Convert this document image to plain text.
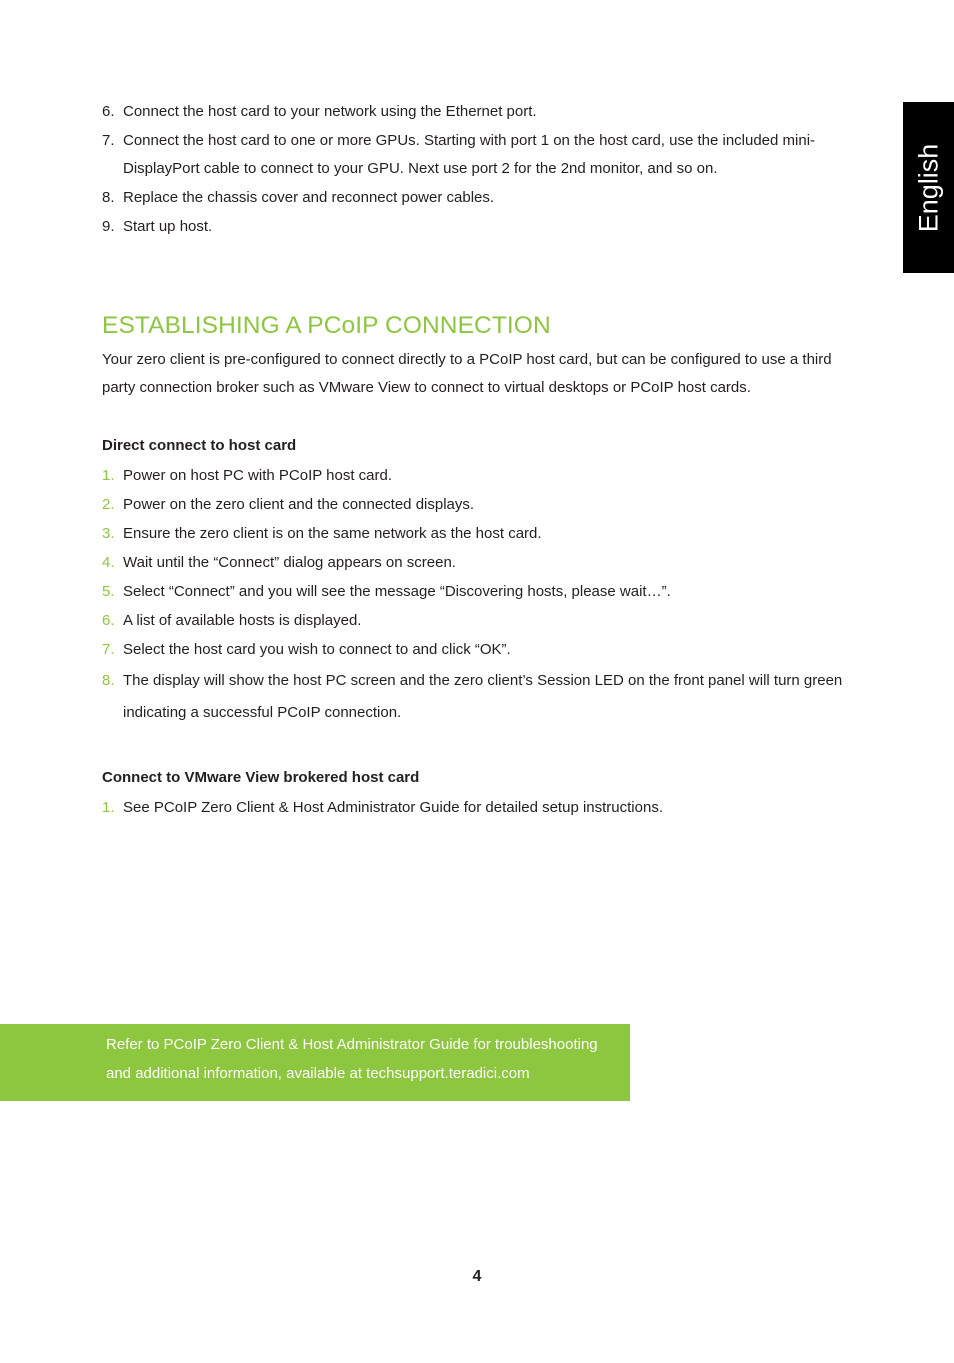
English
6. Connect the host card to your network using the Ethernet port.
7. Connect the host card to one or more GPUs. Starting with port 1 on the host card, use the included mini-DisplayPort cable to connect to your GPU. Next use port 2 for the 2nd monitor, and so on.
8. Replace the chassis cover and reconnect power cables.
9. Start up host.
ESTABLISHING A PCoIP CONNECTION

Your zero client is pre-configured to connect directly to a PCoIP host card, but can be configured to use a third party connection broker such as VMware View to connect to virtual desktops or PCoIP host cards.

Direct connect to host card
1. Power on host PC with PCoIP host card.
2. Power on the zero client and the connected displays.
3. Ensure the zero client is on the same network as the host card.
4. Wait until the “Connect” dialog appears on screen.
5. Select “Connect” and you will see the message “Discovering hosts, please wait…”.
6. A list of available hosts is displayed.
7. Select the host card you wish to connect to and click “OK”.
8. The display will show the host PC screen and the zero client’s Session LED on the front panel will turn green indicating a successful PCoIP connection.
Connect to VMware View brokered host card
1. See PCoIP Zero Client & Host Administrator Guide for detailed setup instructions.

Refer to PCoIP Zero Client & Host Administrator Guide for troubleshooting and additional information, available at techsupport.teradici.com

4
